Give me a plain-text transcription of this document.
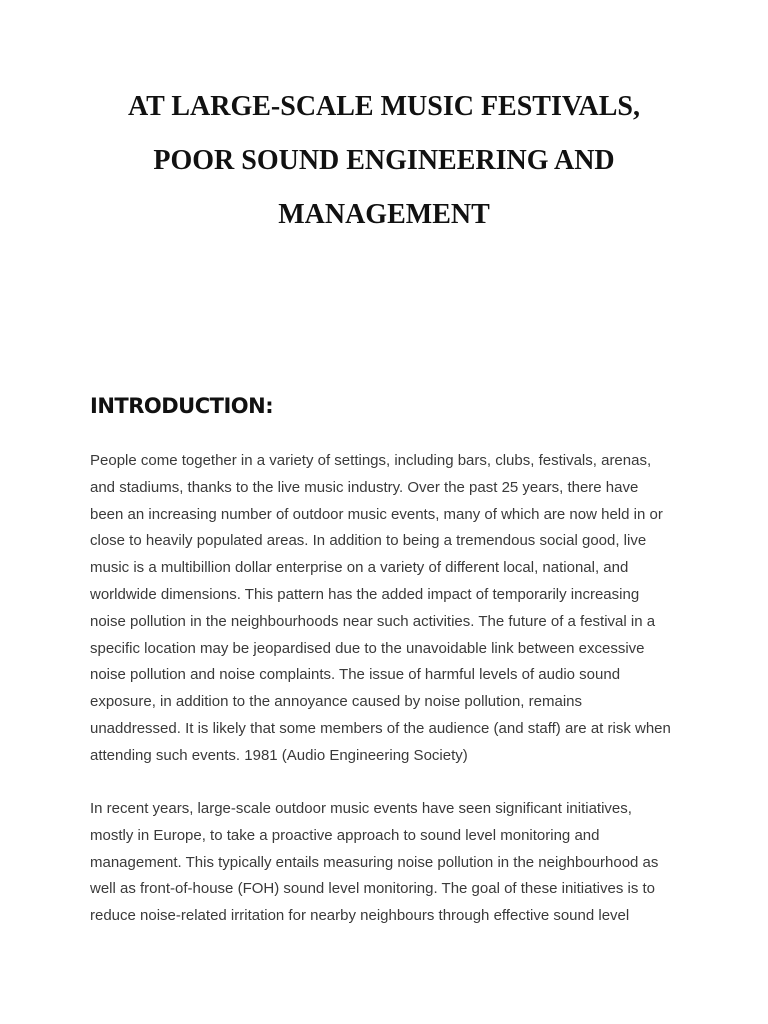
AT LARGE-SCALE MUSIC FESTIVALS,
POOR SOUND ENGINEERING AND
MANAGEMENT
INTRODUCTION:

People come together in a variety of settings, including bars, clubs, festivals, arenas,
and stadiums, thanks to the live music industry. Over the past 25 years, there have
been an increasing number of outdoor music events, many of which are now held in or
close to heavily populated areas. In addition to being a tremendous social good, live
music is a multibillion dollar enterprise on a variety of different local, national, and
worldwide dimensions. This pattern has the added impact of temporarily increasing
noise pollution in the neighbourhoods near such activities. The future of a festival in a
specific location may be jeopardised due to the unavoidable link between excessive
noise pollution and noise complaints. The issue of harmful levels of audio sound
exposure, in addition to the annoyance caused by noise pollution, remains
unaddressed. It is likely that some members of the audience (and staff) are at risk when
attending such events. 1981 (Audio Engineering Society)

In recent years, large-scale outdoor music events have seen significant initiatives,
mostly in Europe, to take a proactive approach to sound level monitoring and
management. This typically entails measuring noise pollution in the neighbourhood as
well as front-of-house (FOH) sound level monitoring. The goal of these initiatives is to
reduce noise-related irritation for nearby neighbours through effective sound level
